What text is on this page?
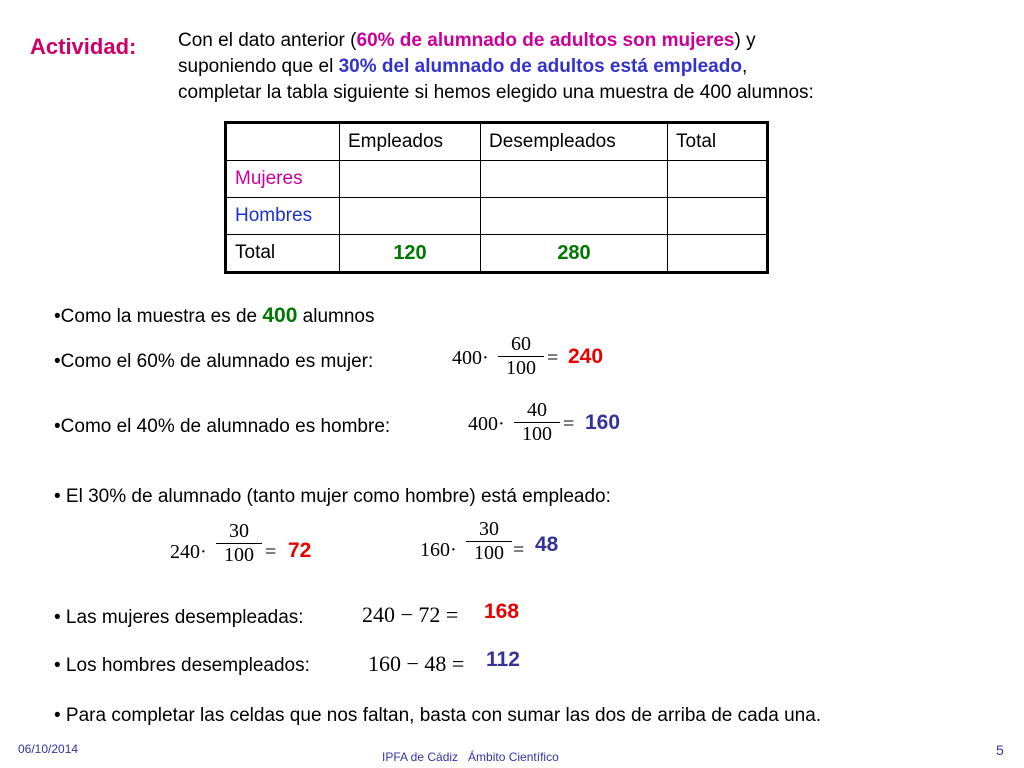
Actividad: Con el dato anterior (60% de alumnado de adultos son mujeres) y
suponiendo que el 30% del alumnado de adultos está empleado,
completar la tabla siguiente si hemos elegido una muestra de 400 alumnos:
	Empleados	Desempleados	Total
Mujeres			
Hombres			
Total	120	280	
•Como la muestra es de 400 alumnos
•Como el 60% de alumnado es mujer:	400·
60
100 = 240
•Como el 40% de alumnado es hombre:	400·
40
100 = 160
• El 30% de alumnado (tanto mujer como hombre) está empleado:
240·
30
100 = 72	160·
30
100 = 48
• Las mujeres desempleadas:	240 − 72 = 168
• Los hombres desempleados:	160 − 48 = 112
• Para completar las celdas que nos faltan, basta con sumar las dos de arriba de cada una.
06/10/2014
IPFA de Cádiz   Ámbito Científico	5
